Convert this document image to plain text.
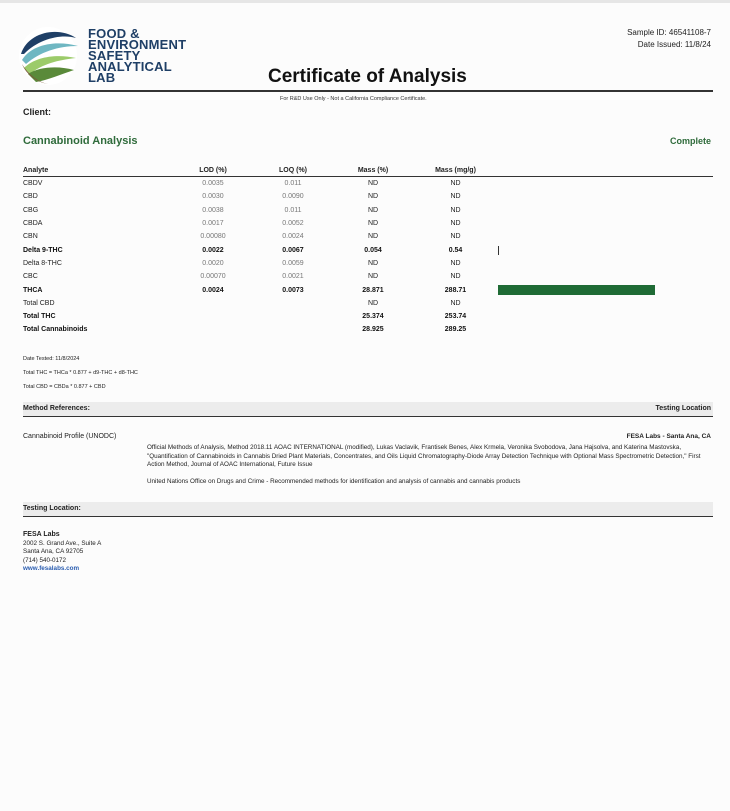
FOOD &
ENVIRONMENT
SAFETY
ANALYTICAL LAB	Certificate of Analysis
Sample ID: 46541108-7
Date Issued: 11/8/24
For R&D Use Only - Not a California Compliance Certificate.
Client:
Cannabinoid Analysis	Complete
Analyte	LOD (%)	LOQ (%)	Mass (%)	Mass (mg/g)	
CBDV	0.0035	0.011	ND	ND	
CBD	0.0030	0.0090	ND	ND	
CBG	0.0038	0.011	ND	ND	
CBDA	0.0017	0.0052	ND	ND	
CBN	0.00080	0.0024	ND	ND	
Delta 9-THC	0.0022	0.0067	0.054	0.54	
Delta 8-THC	0.0020	0.0059	ND	ND	
CBC	0.00070	0.0021	ND	ND	
THCA	0.0024	0.0073	28.871	288.71	

Total CBD			ND	ND	
Total THC			25.374	253.74	
Total Cannabinoids			28.925	289.25	
Date Tested: 11/8/2024
Total THC = THCa * 0.877 + d9-THC + d8-THC
Total CBD = CBDa * 0.877 + CBD
Method References:	Testing Location
Cannabinoid Profile (UNODC)	FESA Labs - Santa Ana, CA
Official Methods of Analysis, Method 2018.11 AOAC INTERNATIONAL (modified), Lukas Vaclavik, Frantisek Benes, Alex Krmela, Veronika Svobodova, Jana Hajsolva, and Katerina Mastovska, "Quantification of Cannabinoids in Cannabis Dried Plant Materials, Concentrates, and Oils Liquid Chromatography-Diode Array Detection Technique with Optional Mass Spectrometric Detection," First Action Method, Journal of AOAC International, Future Issue
United Nations Office on Drugs and Crime - Recommended methods for identification and analysis of cannabis and cannabis products
Testing Location:
FESA Labs
2002 S. Grand Ave., Suite A
Santa Ana, CA 92705
(714) 540-0172
www.fesalabs.com
